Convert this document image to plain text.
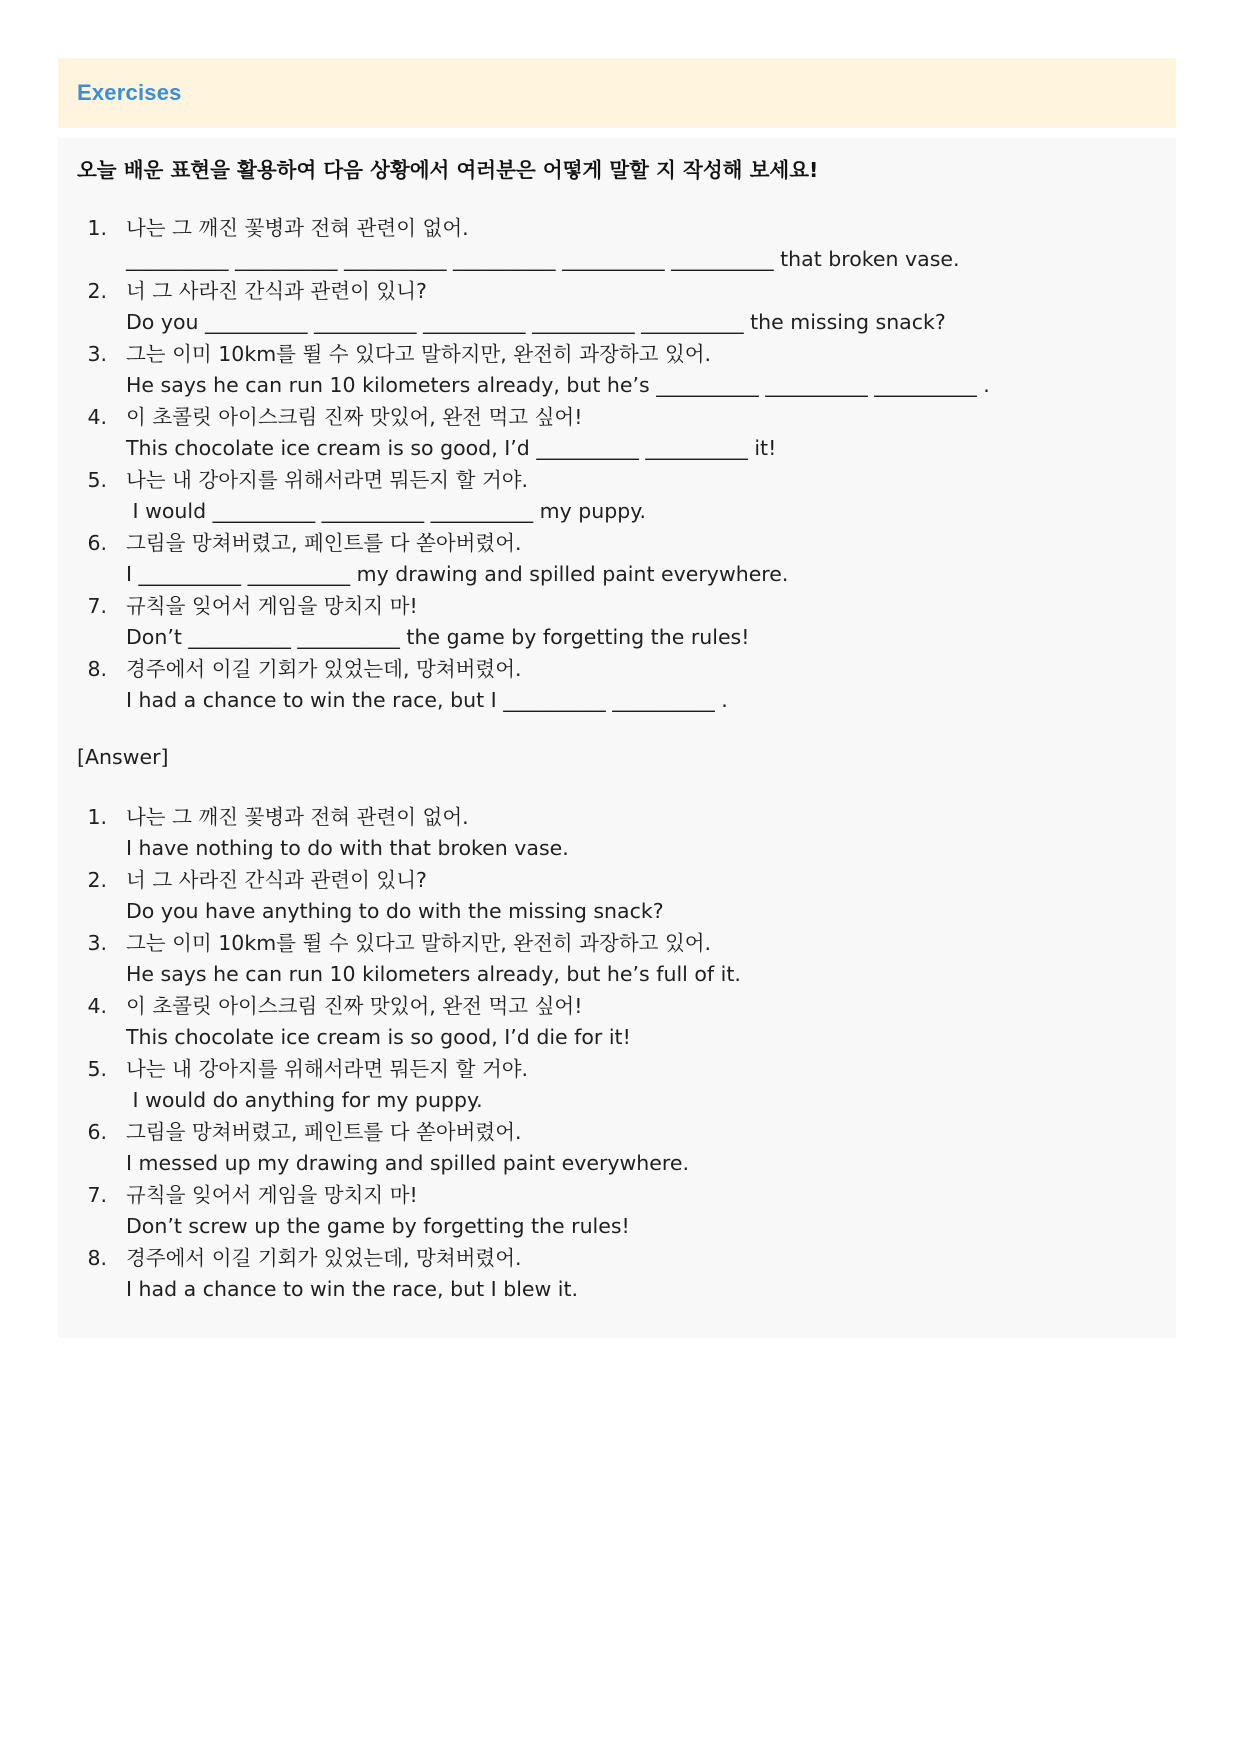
Exercises

오늘 배운 표현을 활용하여 다음 상황에서 여러분은 어떻게 말할 지 작성해 보세요!

1. 나는 그 깨진 꽃병과 전혀 관련이 없어.
__________ __________ __________ __________ __________ __________ that broken vase.
2. 너 그 사라진 간식과 관련이 있니?
Do you __________ __________ __________ __________ __________ the missing snack?
3. 그는 이미 10km를 뛸 수 있다고 말하지만, 완전히 과장하고 있어.
He says he can run 10 kilometers already, but he’s __________ __________ __________ .
4. 이 초콜릿 아이스크림 진짜 맛있어, 완전 먹고 싶어!
This chocolate ice cream is so good, I’d __________ __________ it!
5. 나는 내 강아지를 위해서라면 뭐든지 할 거야.
I would __________ __________ __________ my puppy.
6. 그림을 망쳐버렸고, 페인트를 다 쏟아버렸어.
I __________ __________ my drawing and spilled paint everywhere.
7. 규칙을 잊어서 게임을 망치지 마!
Don’t __________ __________ the game by forgetting the rules!
8. 경주에서 이길 기회가 있었는데, 망쳐버렸어.
I had a chance to win the race, but I __________ __________ .
[Answer]
1. 나는 그 깨진 꽃병과 전혀 관련이 없어.
I have nothing to do with that broken vase.
2. 너 그 사라진 간식과 관련이 있니?
Do you have anything to do with the missing snack?
3. 그는 이미 10km를 뛸 수 있다고 말하지만, 완전히 과장하고 있어.
He says he can run 10 kilometers already, but he’s full of it.
4. 이 초콜릿 아이스크림 진짜 맛있어, 완전 먹고 싶어!
This chocolate ice cream is so good, I’d die for it!
5. 나는 내 강아지를 위해서라면 뭐든지 할 거야.
I would do anything for my puppy.
6. 그림을 망쳐버렸고, 페인트를 다 쏟아버렸어.
I messed up my drawing and spilled paint everywhere.
7. 규칙을 잊어서 게임을 망치지 마!
Don’t screw up the game by forgetting the rules!
8. 경주에서 이길 기회가 있었는데, 망쳐버렸어.
I had a chance to win the race, but I blew it.
